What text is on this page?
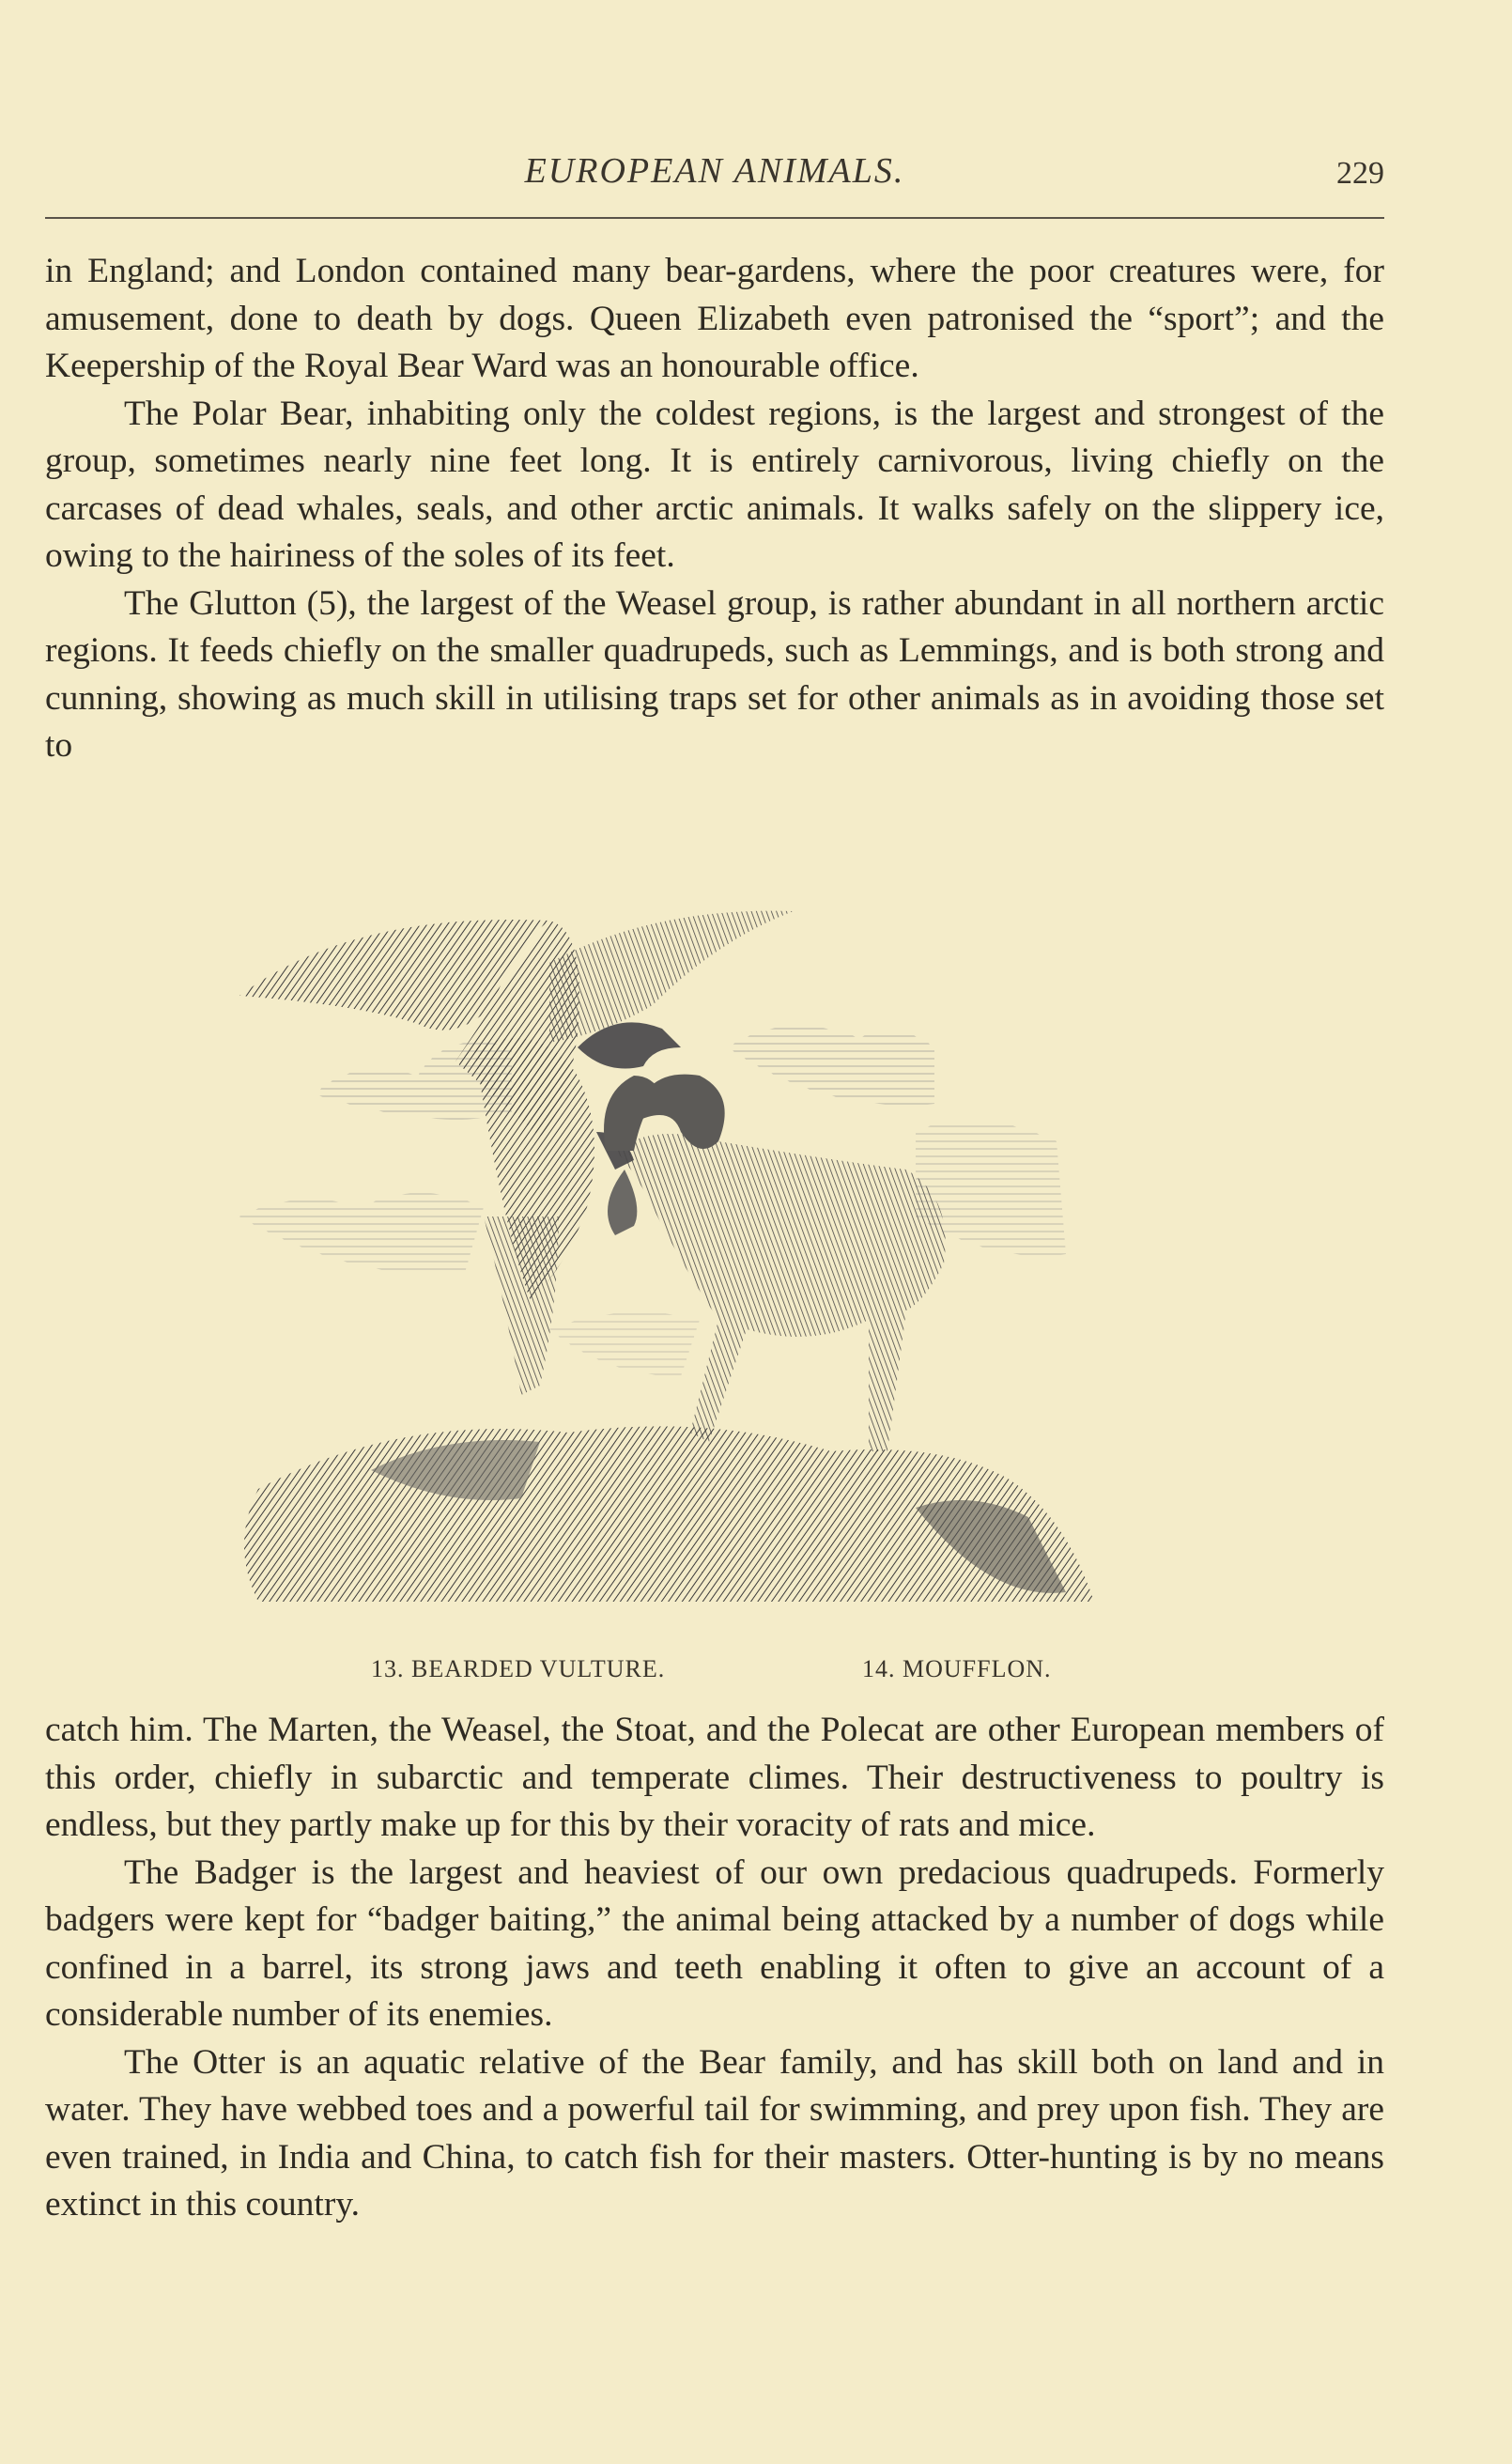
EUROPEAN ANIMALS.	229

in England; and London contained many bear-gardens, where the poor creatures were, for amusement, done to death by dogs. Queen Elizabeth even patronised the “sport”; and the Keepership of the Royal Bear Ward was an honourable office.

The Polar Bear, inhabiting only the coldest regions, is the largest and strongest of the group, sometimes nearly nine feet long. It is entirely carnivorous, living chiefly on the carcases of dead whales, seals, and other arctic animals. It walks safely on the slippery ice, owing to the hairiness of the soles of its feet.

The Glutton (5), the largest of the Weasel group, is rather abundant in all northern arctic regions. It feeds chiefly on the smaller quadrupeds, such as Lemmings, and is both strong and cunning, showing as much skill in utilising traps set for other animals as in avoiding those set to

13. BEARDED VULTURE.	14. MOUFFLON.

catch him. The Marten, the Weasel, the Stoat, and the Polecat are other European members of this order, chiefly in subarctic and temperate climes. Their destructiveness to poultry is endless, but they partly make up for this by their voracity of rats and mice.

The Badger is the largest and heaviest of our own predacious quadrupeds. Formerly badgers were kept for “badger baiting,” the animal being attacked by a number of dogs while confined in a barrel, its strong jaws and teeth enabling it often to give an account of a considerable number of its enemies.

The Otter is an aquatic relative of the Bear family, and has skill both on land and in water. They have webbed toes and a powerful tail for swimming, and prey upon fish. They are even trained, in India and China, to catch fish for their masters. Otter-hunting is by no means extinct in this country.
